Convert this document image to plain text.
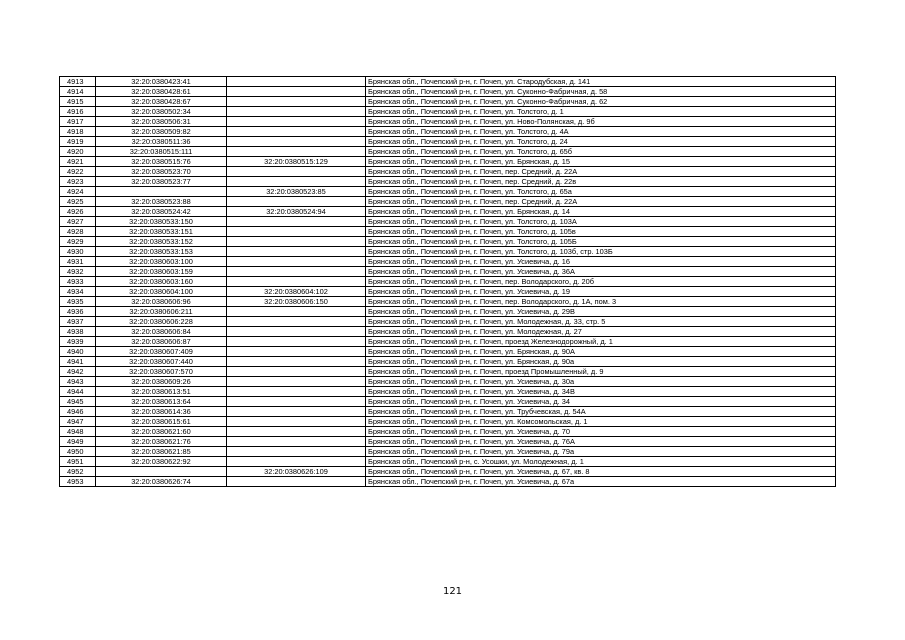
4913	32:20:0380423:41		Брянская обл., Почепский р-н, г. Почеп, ул. Стародубская, д. 141
4914	32:20:0380428:61		Брянская обл., Почепский р-н, г. Почеп, ул. Суконно-Фабричная, д. 58
4915	32:20:0380428:67		Брянская обл., Почепский р-н, г. Почеп, ул. Суконно-Фабричная, д. 62
4916	32:20:0380502:34		Брянская обл., Почепский р-н, г. Почеп, ул. Толстого, д. 1
4917	32:20:0380506:31		Брянская обл., Почепский р-н, г. Почеп, ул. Ново-Полянская, д. 9б
4918	32:20:0380509:82		Брянская обл., Почепский р-н, г. Почеп, ул. Толстого, д. 4А
4919	32:20:0380511:36		Брянская обл., Почепский р-н, г. Почеп, ул. Толстого, д. 24
4920	32:20:0380515:111		Брянская обл., Почепский р-н, г. Почеп, ул. Толстого, д. 65б
4921	32:20:0380515:76	32:20:0380515:129	Брянская обл., Почепский р-н, г. Почеп, ул. Брянская, д. 15
4922	32:20:0380523:70		Брянская обл., Почепский р-н, г. Почеп, пер. Средний, д. 22А
4923	32:20:0380523:77		Брянская обл., Почепский р-н, г. Почеп, пер. Средний, д. 22в
4924		32:20:0380523:85	Брянская обл., Почепский р-н, г. Почеп, ул. Толстого, д. 65а
4925	32:20:0380523:88		Брянская обл., Почепский р-н, г. Почеп, пер. Средний, д. 22А
4926	32:20:0380524:42	32:20:0380524:94	Брянская обл., Почепский р-н, г. Почеп, ул. Брянская, д. 14
4927	32:20:0380533:150		Брянская обл., Почепский р-н, г. Почеп, ул. Толстого, д. 103А
4928	32:20:0380533:151		Брянская обл., Почепский р-н, г. Почеп, ул. Толстого, д. 105в
4929	32:20:0380533:152		Брянская обл., Почепский р-н, г. Почеп, ул. Толстого, д. 105Б
4930	32:20:0380533:153		Брянская обл., Почепский р-н, г. Почеп, ул. Толстого, д. 103б, стр. 103Б
4931	32:20:0380603:100		Брянская обл., Почепский р-н, г. Почеп, ул. Усиевича, д. 16
4932	32:20:0380603:159		Брянская обл., Почепский р-н, г. Почеп, ул. Усиевича, д. 36А
4933	32:20:0380603:160		Брянская обл., Почепский р-н, г. Почеп, пер. Володарского, д. 20б
4934	32:20:0380604:100	32:20:0380604:102	Брянская обл., Почепский р-н, г. Почеп, ул. Усиевича, д. 19
4935	32:20:0380606:96	32:20:0380606:150	Брянская обл., Почепский р-н, г. Почеп, пер. Володарского, д. 1А, пом. 3
4936	32:20:0380606:211		Брянская обл., Почепский р-н, г. Почеп, ул. Усиевича, д. 29В
4937	32:20:0380606:228		Брянская обл., Почепский р-н, г. Почеп, ул. Молодежная, д. 33, стр. 5
4938	32:20:0380606:84		Брянская обл., Почепский р-н, г. Почеп, ул. Молодежная, д. 27
4939	32:20:0380606:87		Брянская обл., Почепский р-н, г. Почеп, проезд Железнодорожный, д. 1
4940	32:20:0380607:409		Брянская обл., Почепский р-н, г. Почеп, ул. Брянская, д. 90А
4941	32:20:0380607:440		Брянская обл., Почепский р-н, г. Почеп, ул. Брянская, д. 90а
4942	32:20:0380607:570		Брянская обл., Почепский р-н, г. Почеп, проезд Промышленный, д. 9
4943	32:20:0380609:26		Брянская обл., Почепский р-н, г. Почеп, ул. Усиевича, д. 30а
4944	32:20:0380613:51		Брянская обл., Почепский р-н, г. Почеп, ул. Усиевича, д. 34В
4945	32:20:0380613:64		Брянская обл., Почепский р-н, г. Почеп, ул. Усиевича, д. 34
4946	32:20:0380614:36		Брянская обл., Почепский р-н, г. Почеп, ул. Трубчевская, д. 54А
4947	32:20:0380615:61		Брянская обл., Почепский р-н, г. Почеп, ул. Комсомольская, д. 1
4948	32:20:0380621:60		Брянская обл., Почепский р-н, г. Почеп, ул. Усиевича, д. 70
4949	32:20:0380621:76		Брянская обл., Почепский р-н, г. Почеп, ул. Усиевича, д. 76А
4950	32:20:0380621:85		Брянская обл., Почепский р-н, г. Почеп, ул. Усиевича, д. 79а
4951	32:20:0380622:92		Брянская обл., Почепский р-н, с. Усошки, ул. Молодежная, д. 1
4952		32:20:0380626:109	Брянская обл., Почепский р-н, г. Почеп, ул. Усиевича, д. 67, кв. 8
4953	32:20:0380626:74		Брянская обл., Почепский р-н, г. Почеп, ул. Усиевича, д. 67а
121
